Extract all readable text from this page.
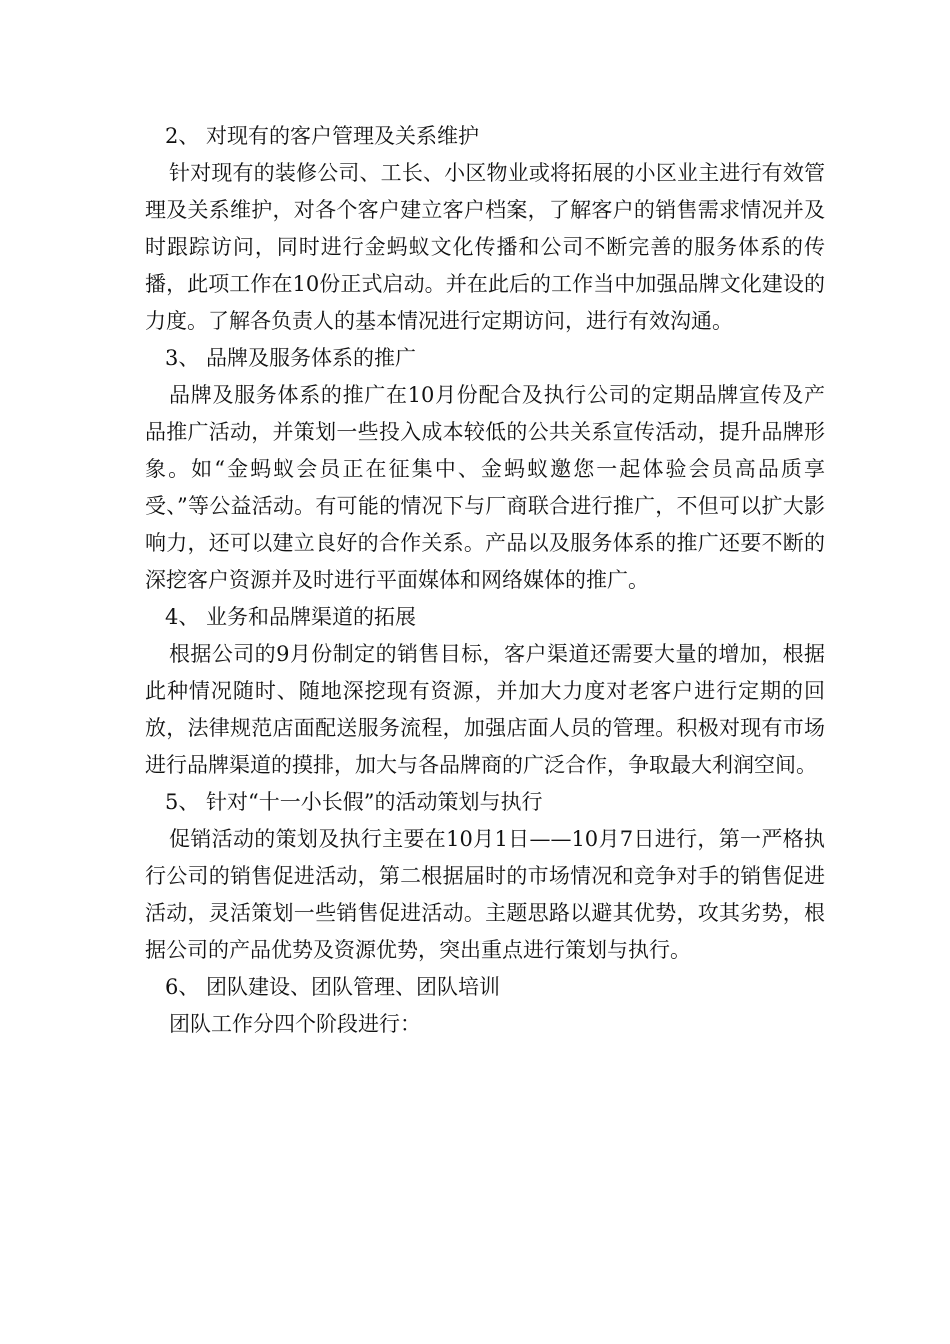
2、 对现有的客户管理及关系维护

针对现有的装修公司、工长、小区物业或将拓展的小区业主进行有效管理及关系维护，对各个客户建立客户档案，了解客户的销售需求情况并及时跟踪访问，同时进行金蚂蚁文化传播和公司不断完善的服务体系的传播，此项工作在10份正式启动。并在此后的工作当中加强品牌文化建设的力度。了解各负责人的基本情况进行定期访问，进行有效沟通。

3、 品牌及服务体系的推广

品牌及服务体系的推广在10月份配合及执行公司的定期品牌宣传及产品推广活动，并策划一些投入成本较低的公共关系宣传活动，提升品牌形象。如“金蚂蚁会员正在征集中、金蚂蚁邀您一起体验会员高品质享受、”等公益活动。有可能的情况下与厂商联合进行推广，不但可以扩大影响力，还可以建立良好的合作关系。产品以及服务体系的推广还要不断的深挖客户资源并及时进行平面媒体和网络媒体的推广。

4、 业务和品牌渠道的拓展

根据公司的9月份制定的销售目标，客户渠道还需要大量的增加，根据此种情况随时、随地深挖现有资源，并加大力度对老客户进行定期的回放，法律规范店面配送服务流程，加强店面人员的管理。积极对现有市场进行品牌渠道的摸排，加大与各品牌商的广泛合作，争取最大利润空间。

5、 针对“十一小长假”的活动策划与执行

促销活动的策划及执行主要在10月1日——10月7日进行，第一严格执行公司的销售促进活动，第二根据届时的市场情况和竞争对手的销售促进活动，灵活策划一些销售促进活动。主题思路以避其优势，攻其劣势，根据公司的产品优势及资源优势，突出重点进行策划与执行。

6、 团队建设、团队管理、团队培训

团队工作分四个阶段进行：
